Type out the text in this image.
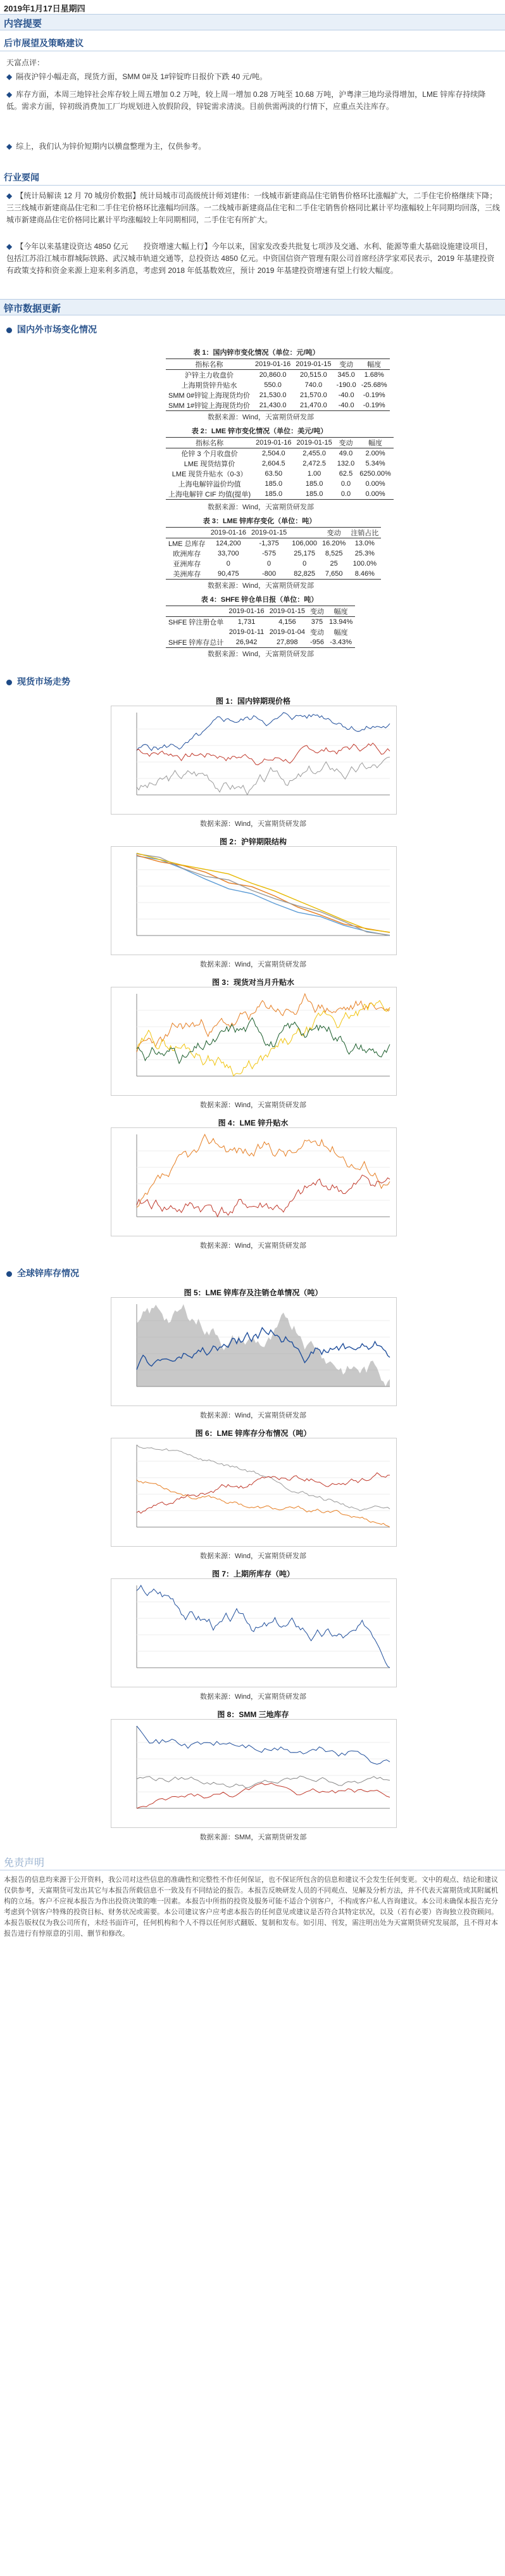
2019年1月17日星期四
内容提要
后市展望及策略建议
天富点评：
◆ 隔夜沪锌小幅走高，现货方面，SMM 0#及 1#锌锭昨日报价下跌 40 元/吨。
◆ 库存方面，本周三地锌社会库存较上周五增加 0.2 万吨，较上周一增加 0.28 万吨至 10.68 万吨，沪粤津三地均录得增加，LME 锌库存持续降低。需求方面，锌初级消费加工厂均规划进入放假阶段，锌锭需求清淡。目前供需两淡的行情下，应重点关注库存。
◆ 综上，我们认为锌价短期内以横盘整理为主，仅供参考。
行业要闻
◆ 【统计局解读 12 月 70 城房价数据】统计局城市司高级统计师刘建伟：一线城市新建商品住宅销售价格环比涨幅扩大，二手住宅价格继续下降；三三线城市新建商品住宅和二手住宅价格环比涨幅均回落。一二线城市新建商品住宅和二手住宅销售价格同比累计平均涨幅较上年同期均回落，三线城市新建商品住宅价格同比累计平均涨幅较上年同期相同，二手住宅有所扩大。
◆ 【今年以来基建设资达 4850 亿元　　投资增速大幅上行】今年以来，国家发改委共批复七项涉及交通、水利、能源等重大基础设施建设项目，包括江苏沿江城市群城际铁路、武汉城市轨道交通等，总投资达 4850 亿元。中资国信资产管理有限公司首席经济学家邓民表示，2019 年基建投资有政策支持和资金来源上迎来利多消息，考虑到 2018 年低基数效应，预计 2019 年基建投资增速有望上行较大幅度。
锌市数据更新
国内外市场变化情况
表 1：国内锌市变化情况（单位：元/吨）
指标名称	2019-01-16	2019-01-15	变动	幅度
沪锌主力收盘价	20,860.0	20,515.0	345.0	1.68%
上海期货锌升贴水	550.0	740.0	-190.0	-25.68%
SMM 0#锌锭上海现货均价	21,530.0	21,570.0	-40.0	-0.19%
SMM 1#锌锭上海现货均价	21,430.0	21,470.0	-40.0	-0.19%
数据来源：Wind，天富期货研发部
表 2：LME 锌市变化情况（单位：美元/吨）
指标名称	2019-01-16	2019-01-15	变动	幅度
伦锌 3 个月收盘价	2,504.0	2,455.0	49.0	2.00%
LME 现货结算价	2,604.5	2,472.5	132.0	5.34%
LME 现货升贴水（0-3）	63.50	1.00	62.5	6250.00%
上海电解锌溢价均值	185.0	185.0	0.0	0.00%
上海电解锌 CIF 均值(提单)	185.0	185.0	0.0	0.00%
数据来源：Wind，天富期货研发部
表 3：LME 锌库存变化（单位：吨）
	2019-01-16	2019-01-15		变动	注销占比
LME 总库存	124,200	-1,375	106,000	16.20%	13.0%
欧洲库存	33,700	-575	25,175	8,525	25.3%
亚洲库存	0	0	0	25	100.0%
美洲库存	90,475	-800	82,825	7,650	8.46%
数据来源：Wind，天富期货研发部
表 4：SHFE 锌仓单日报（单位：吨）
	2019-01-16	2019-01-15	变动	幅度
SHFE 锌注册仓单	1,731	4,156	375	13.94%
	2019-01-11	2019-01-04	变动	幅度
SHFE 锌库存总计	26,942	27,898	-956	-3.43%
数据来源：Wind，天富期货研发部
现货市场走势
图 1：国内锌期现价格
数据来源：Wind，天富期货研发部
图 2：沪锌期限结构
数据来源：Wind，天富期货研发部
图 3：现货对当月升贴水
数据来源：Wind，天富期货研发部
图 4：LME 锌升贴水
数据来源：Wind，天富期货研发部
全球锌库存情况
图 5：LME 锌库存及注销仓单情况（吨）
数据来源：Wind，天富期货研发部
图 6：LME 锌库存分布情况（吨）
数据来源：Wind，天富期货研发部
图 7：上期所库存（吨）
数据来源：Wind，天富期货研发部
图 8：SMM 三地库存
数据来源：SMM，天富期货研发部
免责声明
本报告的信息均来源于公开资料，我公司对这些信息的准确性和完整性不作任何保证，也不保证所包含的信息和建议不会发生任何变更。文中的观点、结论和建议仅供参考，天富期货可发出其它与本报告所载信息不一致及有不同结论的报告。本报告反映研发人员的不同观点、见解及分析方法，并不代表天富期货或其附属机构的立场。客户不应视本报告为作出投资决策的唯一因素。本报告中所指的投资及服务可能不适合个别客户，不构成客户私人咨询建议。本公司未确保本报告充分考虑到个别客户特殊的投资目标、财务状况或需要。本公司建议客户应考虑本报告的任何意见或建议是否符合其特定状况，以及（若有必要）咨询独立投资顾问。本报告版权仅为我公司所有，未经书面许可，任何机构和个人不得以任何形式翻版、复制和发布。如引用、刊发，需注明出处为天富期货研究发展部，且不得对本报告进行有悖原意的引用、删节和修改。
